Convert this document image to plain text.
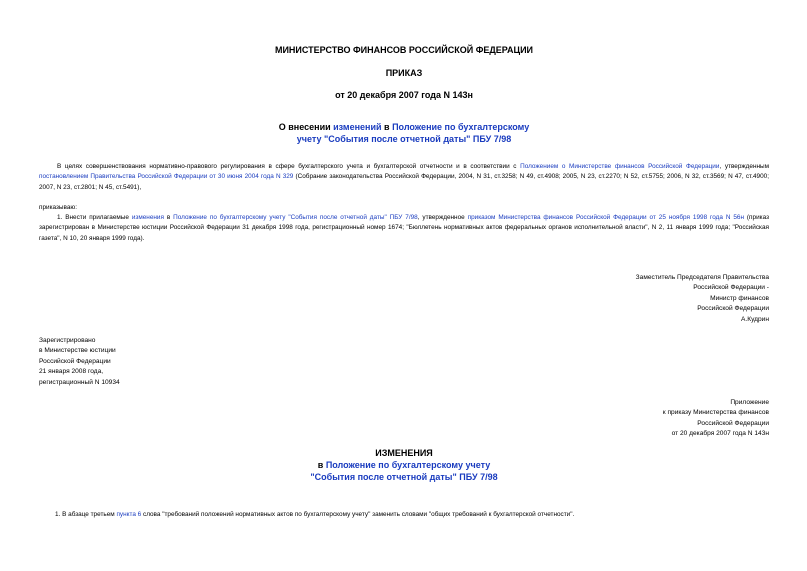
МИНИСТЕРСТВО ФИНАНСОВ РОССИЙСКОЙ ФЕДЕРАЦИИ
ПРИКАЗ
от 20 декабря 2007 года N 143н
О внесении изменений в Положение по бухгалтерскому
учету "События после отчетной даты" ПБУ 7/98
В целях совершенствования нормативно-правового регулирования в сфере бухгалтерского учета и бухгалтерской отчетности и в соответствии с Положением о Министерстве финансов Российской Федерации, утвержденным постановлением Правительства Российской Федерации от 30 июня 2004 года N 329 (Собрание законодательства Российской Федерации, 2004, N 31, ст.3258; N 49, ст.4908; 2005, N 23, ст.2270; N 52, ст.5755; 2006, N 32, ст.3569; N 47, ст.4900; 2007, N 23, ст.2801; N 45, ст.5491),
приказываю:
1. Внести прилагаемые изменения в Положение по бухгалтерскому учету "События после отчетной даты" ПБУ 7/98, утвержденное приказом Министерства финансов Российской Федерации от 25 ноября 1998 года N 56н (приказ зарегистрирован в Министерстве юстиции Российской Федерации 31 декабря 1998 года, регистрационный номер 1674; "Бюллетень нормативных актов федеральных органов исполнительной власти", N 2, 11 января 1999 года; "Российская газета", N 10, 20 января 1999 года).
Заместитель Председателя Правительства
Российской Федерации -
Министр финансов
Российской Федерации
А.Кудрин
Зарегистрировано
в Министерстве юстиции
Российской Федерации
21 января 2008 года,
регистрационный N 10934
Приложение
к приказу Министерства финансов
Российской Федерации
от 20 декабря 2007 года N 143н
ИЗМЕНЕНИЯ
в Положение по бухгалтерскому учету
"События после отчетной даты" ПБУ 7/98
1. В абзаце третьем пункта 6 слова "требований положений нормативных актов по бухгалтерскому учету" заменить словами "общих требований к бухгалтерской отчетности".
